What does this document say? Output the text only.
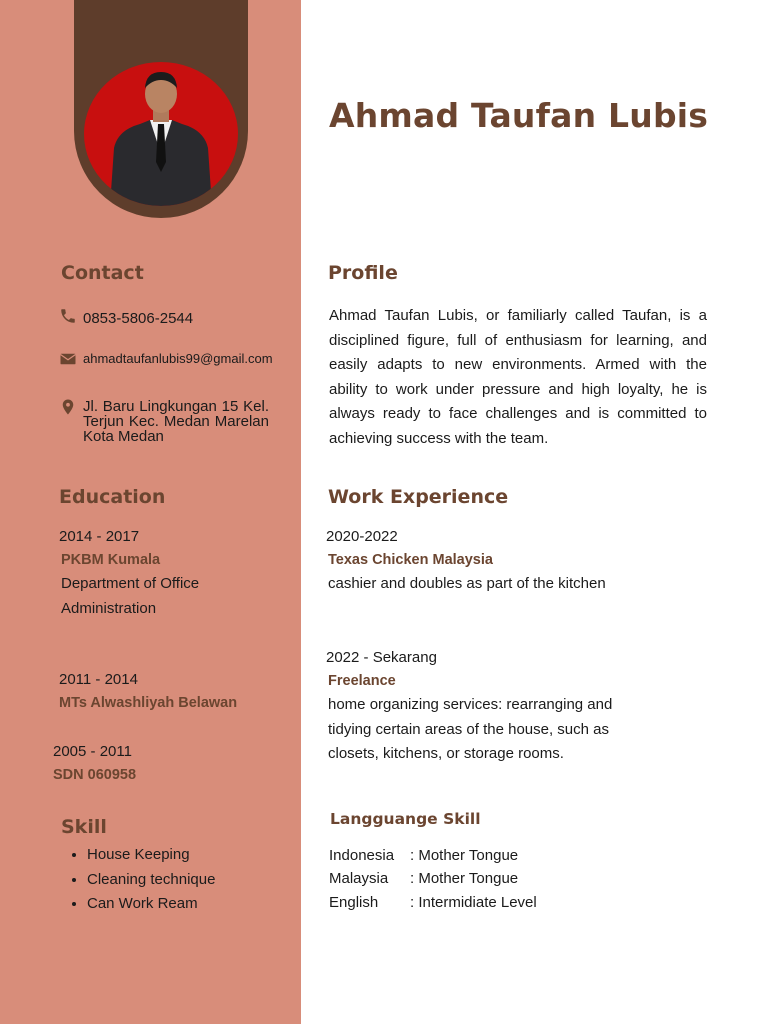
Ahmad Taufan Lubis
Contact
0853-5806-2544
ahmadtaufanlubis99@gmail.com
Jl. Baru Lingkungan 15 Kel. Terjun Kec. Medan Marelan Kota Medan
Education
2014 - 2017
PKBM Kumala
Department of Office
Administration
2011 - 2014
MTs Alwashliyah Belawan
2005 - 2011
SDN 060958
Skill
• House Keeping
• Cleaning technique
• Can Work Ream
Profile

Ahmad Taufan Lubis, or familiarly called Taufan, is a disciplined figure, full of enthusiasm for learning, and easily adapts to new environments. Armed with the ability to work under pressure and high loyalty, he is always ready to face challenges and is committed to achieving success with the team.

Work Experience
2020-2022
Texas Chicken Malaysia
cashier and doubles as part of the kitchen
2022 - Sekarang
Freelance
home organizing services: rearranging and
tidying certain areas of the house, such as
closets, kitchens, or storage rooms.
Langguange Skill
Indonesia : Mother Tongue
Malaysia : Mother Tongue
English : Intermidiate Level
